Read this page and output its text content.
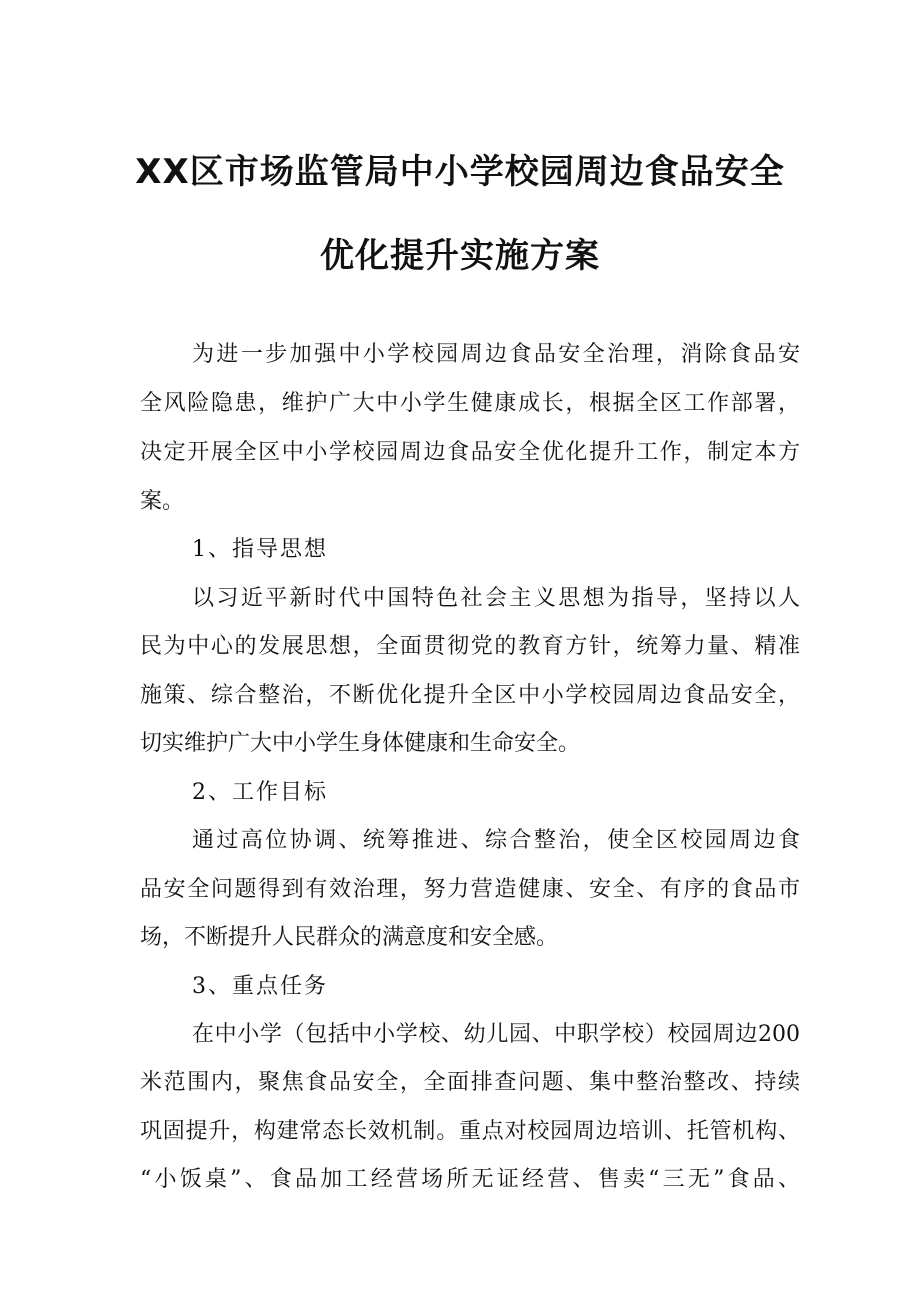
XX区市场监管局中小学校园周边食品安全
优化提升实施方案
为进一步加强中小学校园周边食品安全治理，消除食品安
全风险隐患，维护广大中小学生健康成长，根据全区工作部署，
决定开展全区中小学校园周边食品安全优化提升工作，制定本方
案。
1、指导思想
以习近平新时代中国特色社会主义思想为指导，坚持以人
民为中心的发展思想，全面贯彻党的教育方针，统筹力量、精准
施策、综合整治，不断优化提升全区中小学校园周边食品安全，
切实维护广大中小学生身体健康和生命安全。
2、工作目标
通过高位协调、统筹推进、综合整治，使全区校园周边食
品安全问题得到有效治理，努力营造健康、安全、有序的食品市
场，不断提升人民群众的满意度和安全感。
3、重点任务
在中小学（包括中小学校、幼儿园、中职学校）校园周边200
米范围内，聚焦食品安全，全面排查问题、集中整治整改、持续
巩固提升，构建常态长效机制。重点对校园周边培训、托管机构、
“小饭桌”、食品加工经营场所无证经营、售卖“三无”食品、
